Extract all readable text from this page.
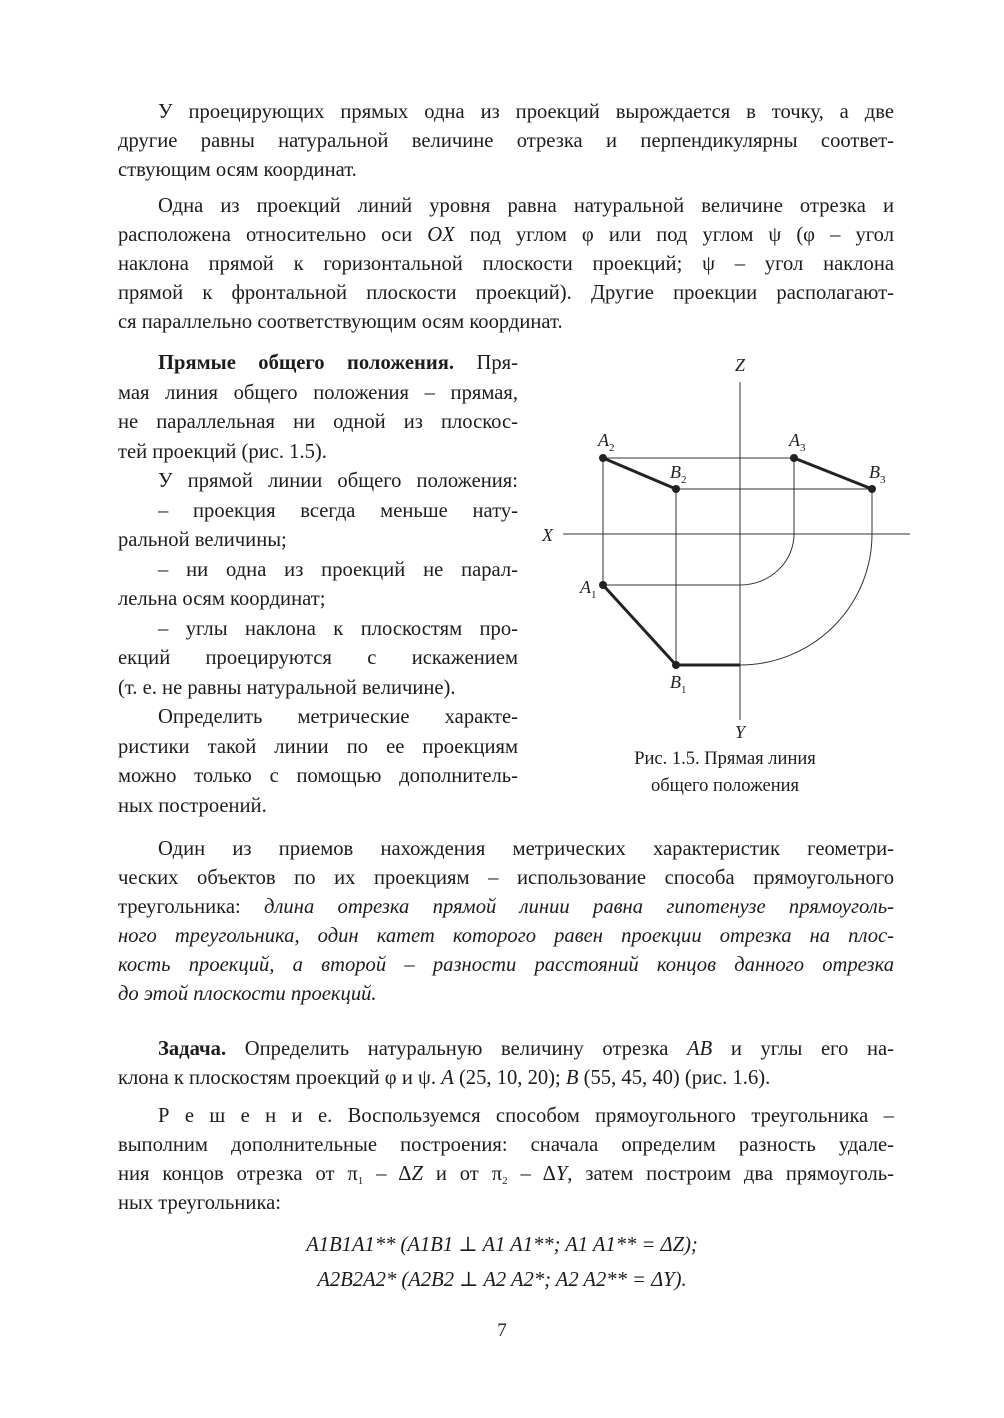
У проецирующих прямых одна из проекций вырождается в точку, а две
другие равны натуральной величине отрезка и перпендикулярны соответ-
ствующим осям координат.
Одна из проекций линий уровня равна натуральной величине отрезка и
расположена относительно оси OX под углом φ или под углом ψ (φ – угол
наклона прямой к горизонтальной плоскости проекций; ψ – угол наклона
прямой к фронтальной плоскости проекций). Другие проекции располагают-
ся параллельно соответствующим осям координат.
Прямые общего положения. Пря-
мая линия общего положения – прямая,
не параллельная ни одной из плоскос-
тей проекций (рис. 1.5).
У прямой линии общего положения:
– проекция всегда меньше нату-
ральной величины;
– ни одна из проекций не парал-
лельна осям координат;
– углы наклона к плоскостям про-
екций проецируются с искажением
(т. е. не равны натуральной величине).
Определить метрические характе-
ристики такой линии по ее проекциям
можно только с помощью дополнитель-
ных построений.
Z
X
Y
$A_2$
$B_2$
$A_3$
$B_3$
$A_1$
$B_1$
Рис. 1.5. Прямая линия
общего положения
Один из приемов нахождения метрических характеристик геометри-
ческих объектов по их проекциям – использование способа прямоугольного
треугольника: длина отрезка прямой линии равна гипотенузе прямоуголь-
ного треугольника, один катет которого равен проекции отрезка на плос-
кость проекций, а второй – разности расстояний концов данного отрезка
до этой плоскости проекций.
Задача. Определить натуральную величину отрезка AB и углы его на-
клона к плоскостям проекций φ и ψ. A (25, 10, 20); B (55, 45, 40) (рис. 1.6).
Р е ш е н и е. Воспользуемся способом прямоугольного треугольника –
выполним дополнительные построения: сначала определим разность удале-
ния концов отрезка от $\pi_1$ – ΔZ и от $\pi_2$ – ΔY, затем построим два прямоуголь-
ных треугольника:
A1B1A1** (A1B1 ⊥ A1 A1**; A1 A1** = ΔZ);
A2B2A2* (A2B2 ⊥ A2 A2*; A2 A2** = ΔY).
7
